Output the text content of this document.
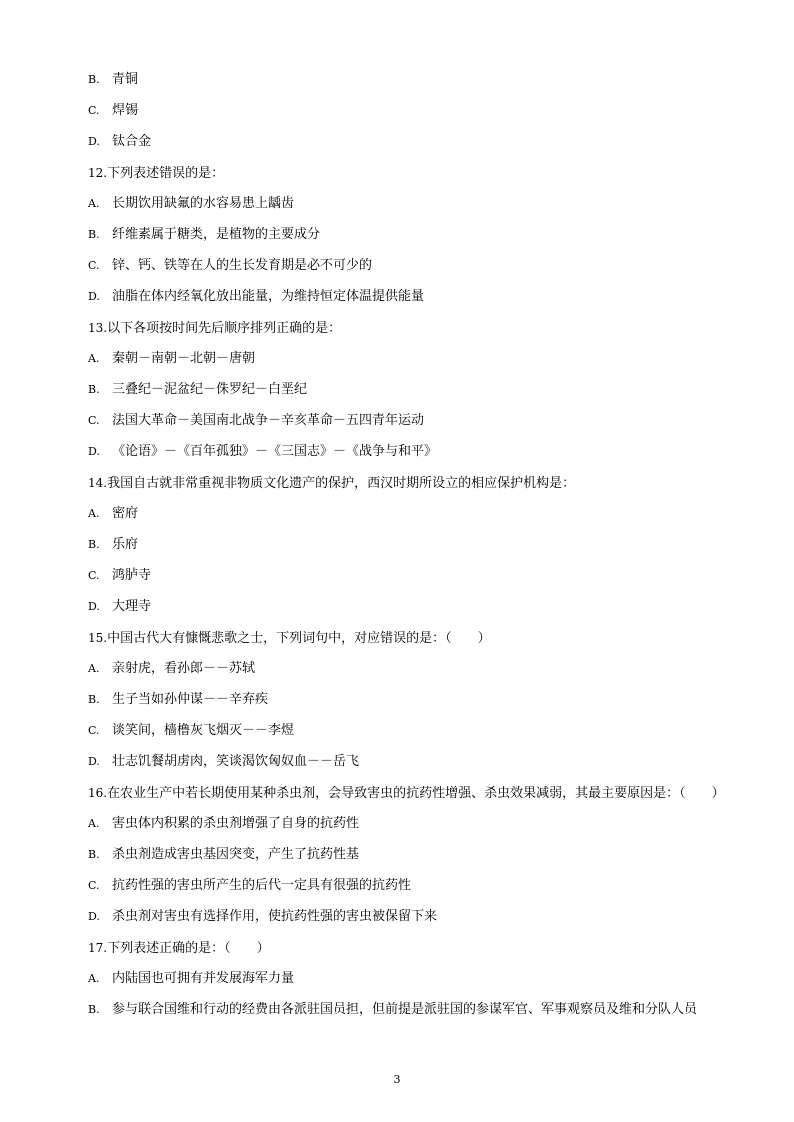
B. 青铜
C. 焊锡
D. 钛合金
12.下列表述错误的是：
A. 长期饮用缺氟的水容易患上龋齿
B. 纤维素属于糖类，是植物的主要成分
C. 锌、钙、铁等在人的生长发育期是必不可少的
D. 油脂在体内经氧化放出能量，为维持恒定体温提供能量
13.以下各项按时间先后顺序排列正确的是：
A. 秦朝－南朝－北朝－唐朝
B. 三叠纪－泥盆纪－侏罗纪－白垩纪
C. 法国大革命－美国南北战争－辛亥革命－五四青年运动
D. 《论语》－《百年孤独》－《三国志》－《战争与和平》
14.我国自古就非常重视非物质文化遗产的保护，西汉时期所设立的相应保护机构是：
A. 密府
B. 乐府
C. 鸿胪寺
D. 大理寺
15.中国古代大有慷慨悲歌之士，下列词句中，对应错误的是：（　　）
A. 亲射虎，看孙郎－－苏轼
B. 生子当如孙仲谋－－辛弃疾
C. 谈笑间，樯橹灰飞烟灭－－李煜
D. 壮志饥餐胡虏肉，笑谈渴饮匈奴血－－岳飞
16.在农业生产中若长期使用某种杀虫剂，会导致害虫的抗药性增强、杀虫效果减弱，其最主要原因是：（　　）
A. 害虫体内积累的杀虫剂增强了自身的抗药性
B. 杀虫剂造成害虫基因突变，产生了抗药性基
C. 抗药性强的害虫所产生的后代一定具有很强的抗药性
D. 杀虫剂对害虫有选择作用，使抗药性强的害虫被保留下来
17.下列表述正确的是：（　　）
A. 内陆国也可拥有并发展海军力量
B. 参与联合国维和行动的经费由各派驻国员担，但前提是派驻国的参谋军官、军事观察员及维和分队人员
3
